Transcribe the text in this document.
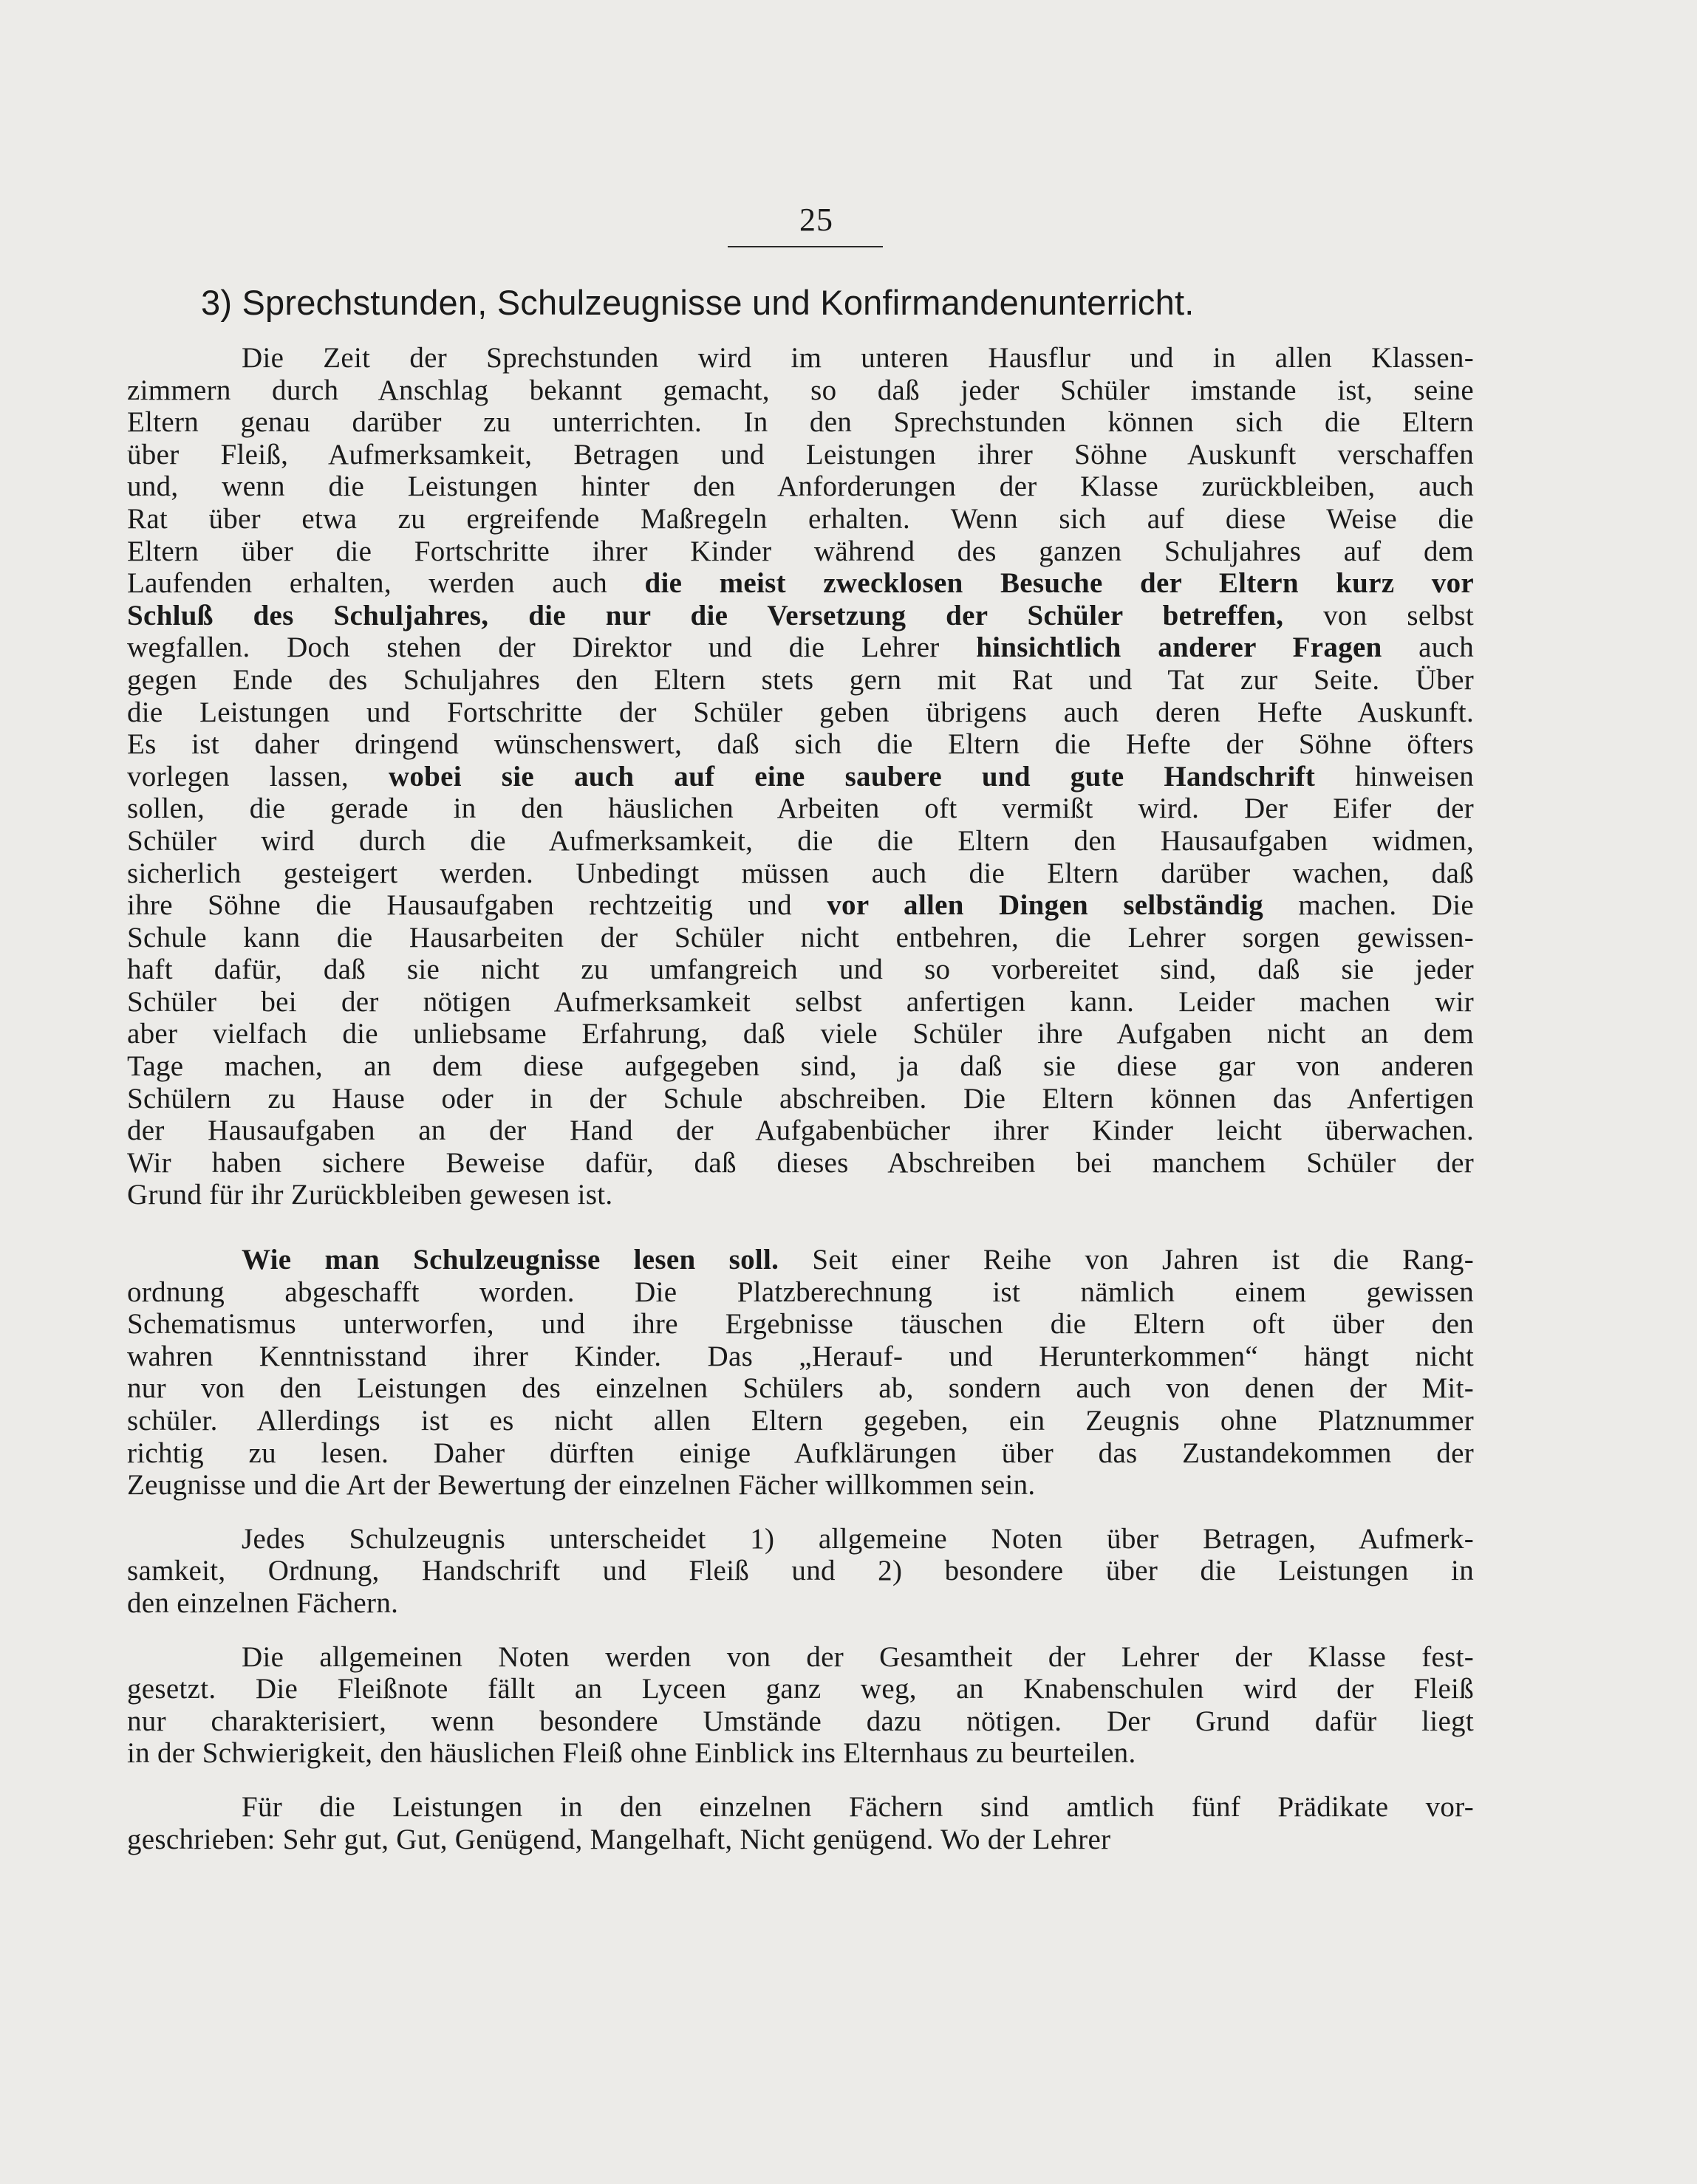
25
3) Sprechstunden, Schulzeugnisse und Konfirmandenunterricht.
Die Zeit der Sprechstunden wird im unteren Hausflur und in allen Klassen-
zimmern durch Anschlag bekannt gemacht, so daß jeder Schüler imstande ist, seine
Eltern genau darüber zu unterrichten. In den Sprechstunden können sich die Eltern
über Fleiß, Aufmerksamkeit, Betragen und Leistungen ihrer Söhne Auskunft verschaffen
und, wenn die Leistungen hinter den Anforderungen der Klasse zurückbleiben, auch
Rat über etwa zu ergreifende Maßregeln erhalten. Wenn sich auf diese Weise die
Eltern über die Fortschritte ihrer Kinder während des ganzen Schuljahres auf dem
Laufenden erhalten, werden auch die meist zwecklosen Besuche der Eltern kurz vor
Schluß des Schuljahres, die nur die Versetzung der Schüler betreffen, von selbst
wegfallen. Doch stehen der Direktor und die Lehrer hinsichtlich anderer Fragen auch
gegen Ende des Schuljahres den Eltern stets gern mit Rat und Tat zur Seite. Über
die Leistungen und Fortschritte der Schüler geben übrigens auch deren Hefte Auskunft.
Es ist daher dringend wünschenswert, daß sich die Eltern die Hefte der Söhne öfters
vorlegen lassen, wobei sie auch auf eine saubere und gute Handschrift hinweisen
sollen, die gerade in den häuslichen Arbeiten oft vermißt wird. Der Eifer der
Schüler wird durch die Aufmerksamkeit, die die Eltern den Hausaufgaben widmen,
sicherlich gesteigert werden. Unbedingt müssen auch die Eltern darüber wachen, daß
ihre Söhne die Hausaufgaben rechtzeitig und vor allen Dingen selbständig machen. Die
Schule kann die Hausarbeiten der Schüler nicht entbehren, die Lehrer sorgen gewissen-
haft dafür, daß sie nicht zu umfangreich und so vorbereitet sind, daß sie jeder
Schüler bei der nötigen Aufmerksamkeit selbst anfertigen kann. Leider machen wir
aber vielfach die unliebsame Erfahrung, daß viele Schüler ihre Aufgaben nicht an dem
Tage machen, an dem diese aufgegeben sind, ja daß sie diese gar von anderen
Schülern zu Hause oder in der Schule abschreiben. Die Eltern können das Anfertigen
der Hausaufgaben an der Hand der Aufgabenbücher ihrer Kinder leicht überwachen.
Wir haben sichere Beweise dafür, daß dieses Abschreiben bei manchem Schüler der
Grund für ihr Zurückbleiben gewesen ist.
Wie man Schulzeugnisse lesen soll. Seit einer Reihe von Jahren ist die Rang-
ordnung abgeschafft worden. Die Platzberechnung ist nämlich einem gewissen
Schematismus unterworfen, und ihre Ergebnisse täuschen die Eltern oft über den
wahren Kenntnisstand ihrer Kinder. Das „Herauf- und Herunterkommen“ hängt nicht
nur von den Leistungen des einzelnen Schülers ab, sondern auch von denen der Mit-
schüler. Allerdings ist es nicht allen Eltern gegeben, ein Zeugnis ohne Platznummer
richtig zu lesen. Daher dürften einige Aufklärungen über das Zustandekommen der
Zeugnisse und die Art der Bewertung der einzelnen Fächer willkommen sein.
Jedes Schulzeugnis unterscheidet 1) allgemeine Noten über Betragen, Aufmerk-
samkeit, Ordnung, Handschrift und Fleiß und 2) besondere über die Leistungen in
den einzelnen Fächern.
Die allgemeinen Noten werden von der Gesamtheit der Lehrer der Klasse fest-
gesetzt. Die Fleißnote fällt an Lyceen ganz weg, an Knabenschulen wird der Fleiß
nur charakterisiert, wenn besondere Umstände dazu nötigen. Der Grund dafür liegt
in der Schwierigkeit, den häuslichen Fleiß ohne Einblick ins Elternhaus zu beurteilen.
Für die Leistungen in den einzelnen Fächern sind amtlich fünf Prädikate vor-
geschrieben: Sehr gut, Gut, Genügend, Mangelhaft, Nicht genügend. Wo der Lehrer
